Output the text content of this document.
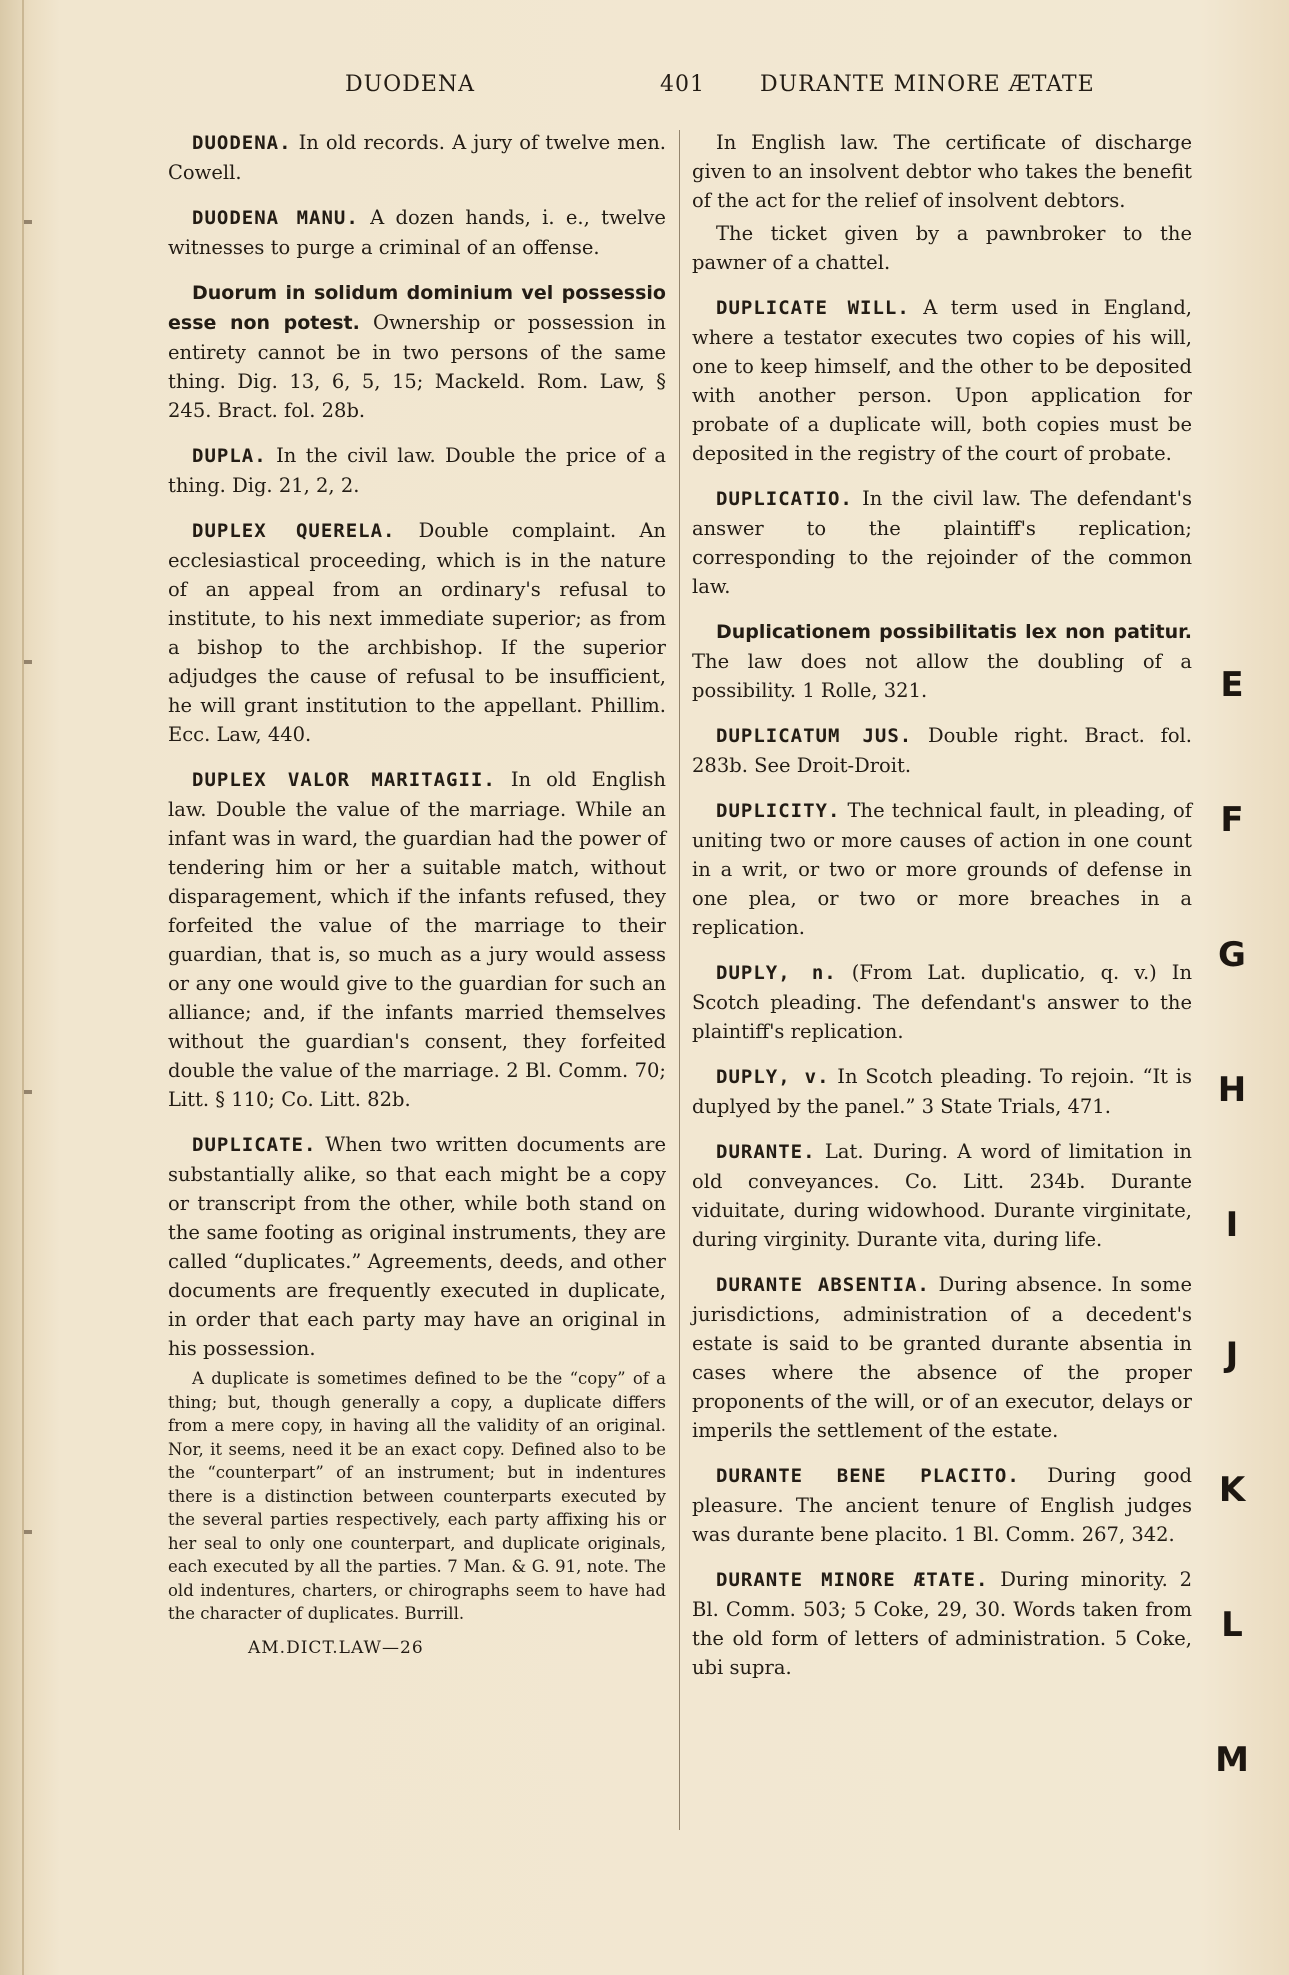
DUODENA	401	DURANTE MINORE ÆTATE

DUODENA. In old records. A jury of twelve men. Cowell.

DUODENA MANU. A dozen hands, i. e., twelve witnesses to purge a criminal of an offense.

Duorum in solidum dominium vel possessio esse non potest. Ownership or possession in entirety cannot be in two persons of the same thing. Dig. 13, 6, 5, 15; Mackeld. Rom. Law, § 245. Bract. fol. 28b.

DUPLA. In the civil law. Double the price of a thing. Dig. 21, 2, 2.

DUPLEX QUERELA. Double complaint. An ecclesiastical proceeding, which is in the nature of an appeal from an ordinary's refusal to institute, to his next immediate superior; as from a bishop to the archbishop. If the superior adjudges the cause of refusal to be insufficient, he will grant institution to the appellant. Phillim. Ecc. Law, 440.

DUPLEX VALOR MARITAGII. In old English law. Double the value of the marriage. While an infant was in ward, the guardian had the power of tendering him or her a suitable match, without disparagement, which if the infants refused, they forfeited the value of the marriage to their guardian, that is, so much as a jury would assess or any one would give to the guardian for such an alliance; and, if the infants married themselves without the guardian's consent, they forfeited double the value of the marriage. 2 Bl. Comm. 70; Litt. § 110; Co. Litt. 82b.

DUPLICATE. When two written documents are substantially alike, so that each might be a copy or transcript from the other, while both stand on the same footing as original instruments, they are called “duplicates.” Agreements, deeds, and other documents are frequently executed in duplicate, in order that each party may have an original in his possession.

A duplicate is sometimes defined to be the “copy” of a thing; but, though generally a copy, a duplicate differs from a mere copy, in having all the validity of an original. Nor, it seems, need it be an exact copy. Defined also to be the “counterpart” of an instrument; but in indentures there is a distinction between counterparts executed by the several parties respectively, each party affixing his or her seal to only one counterpart, and duplicate originals, each executed by all the parties. 7 Man. & G. 91, note. The old indentures, charters, or chirographs seem to have had the character of duplicates. Burrill.

AM.DICT.LAW—26

In English law. The certificate of discharge given to an insolvent debtor who takes the benefit of the act for the relief of insolvent debtors.

The ticket given by a pawnbroker to the pawner of a chattel.

DUPLICATE WILL. A term used in England, where a testator executes two copies of his will, one to keep himself, and the other to be deposited with another person. Upon application for probate of a duplicate will, both copies must be deposited in the registry of the court of probate.

DUPLICATIO. In the civil law. The defendant's answer to the plaintiff's replication; corresponding to the rejoinder of the common law.

Duplicationem possibilitatis lex non patitur. The law does not allow the doubling of a possibility. 1 Rolle, 321.

DUPLICATUM JUS. Double right. Bract. fol. 283b. See Droit-Droit.

DUPLICITY. The technical fault, in pleading, of uniting two or more causes of action in one count in a writ, or two or more grounds of defense in one plea, or two or more breaches in a replication.

DUPLY, n. (From Lat. duplicatio, q. v.) In Scotch pleading. The defendant's answer to the plaintiff's replication.

DUPLY, v. In Scotch pleading. To rejoin. “It is duplyed by the panel.” 3 State Trials, 471.

DURANTE. Lat. During. A word of limitation in old conveyances. Co. Litt. 234b. Durante viduitate, during widowhood. Durante virginitate, during virginity. Durante vita, during life.

DURANTE ABSENTIA. During absence. In some jurisdictions, administration of a decedent's estate is said to be granted durante absentia in cases where the absence of the proper proponents of the will, or of an executor, delays or imperils the settlement of the estate.

DURANTE BENE PLACITO. During good pleasure. The ancient tenure of English judges was durante bene placito. 1 Bl. Comm. 267, 342.

DURANTE MINORE ÆTATE. During minority. 2 Bl. Comm. 503; 5 Coke, 29, 30. Words taken from the old form of letters of administration. 5 Coke, ubi supra.

E
F
G
H
I
J
K
L
M
